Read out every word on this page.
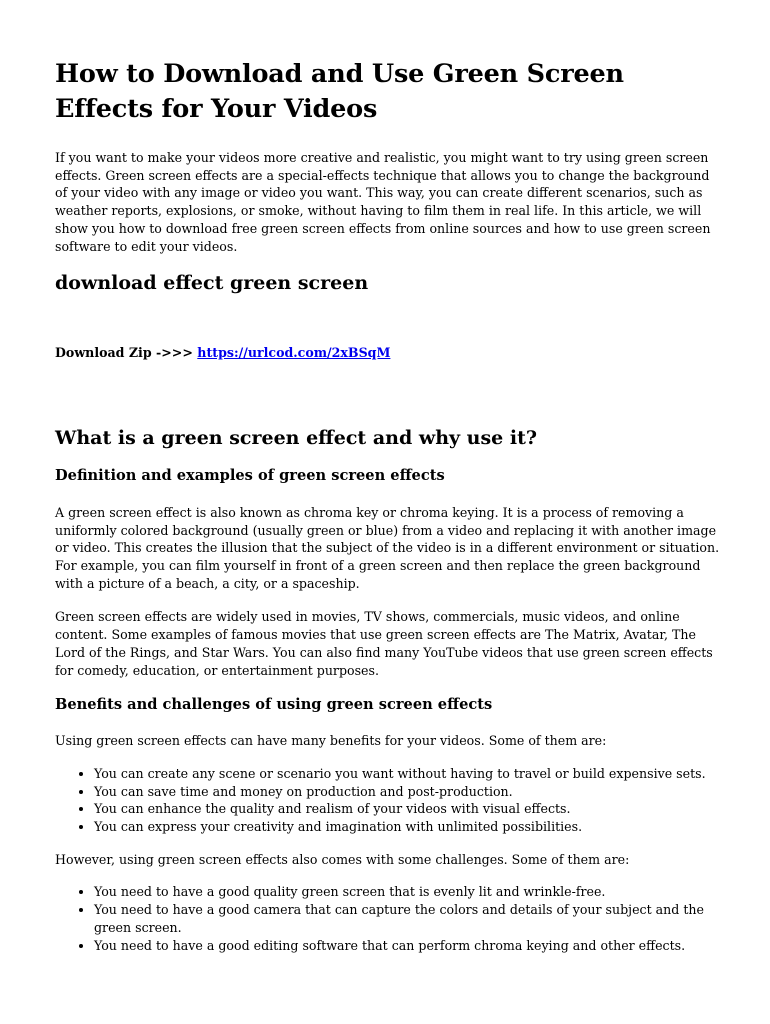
How to Download and Use Green Screen Effects for Your Videos

If you want to make your videos more creative and realistic, you might want to try using green screen effects. Green screen effects are a special-effects technique that allows you to change the background of your video with any image or video you want. This way, you can create different scenarios, such as weather reports, explosions, or smoke, without having to film them in real life. In this article, we will show you how to download free green screen effects from online sources and how to use green screen software to edit your videos.

download effect green screen

Download Zip ->>> https://urlcod.com/2xBSqM

What is a green screen effect and why use it?
Definition and examples of green screen effects

A green screen effect is also known as chroma key or chroma keying. It is a process of removing a uniformly colored background (usually green or blue) from a video and replacing it with another image or video. This creates the illusion that the subject of the video is in a different environment or situation. For example, you can film yourself in front of a green screen and then replace the green background with a picture of a beach, a city, or a spaceship.

Green screen effects are widely used in movies, TV shows, commercials, music videos, and online content. Some examples of famous movies that use green screen effects are The Matrix, Avatar, The Lord of the Rings, and Star Wars. You can also find many YouTube videos that use green screen effects for comedy, education, or entertainment purposes.

Benefits and challenges of using green screen effects

Using green screen effects can have many benefits for your videos. Some of them are:

• You can create any scene or scenario you want without having to travel or build expensive sets.
• You can save time and money on production and post-production.
• You can enhance the quality and realism of your videos with visual effects.
• You can express your creativity and imagination with unlimited possibilities.

However, using green screen effects also comes with some challenges. Some of them are:

• You need to have a good quality green screen that is evenly lit and wrinkle-free.
• You need to have a good camera that can capture the colors and details of your subject and the green screen.
• You need to have a good editing software that can perform chroma keying and other effects.
